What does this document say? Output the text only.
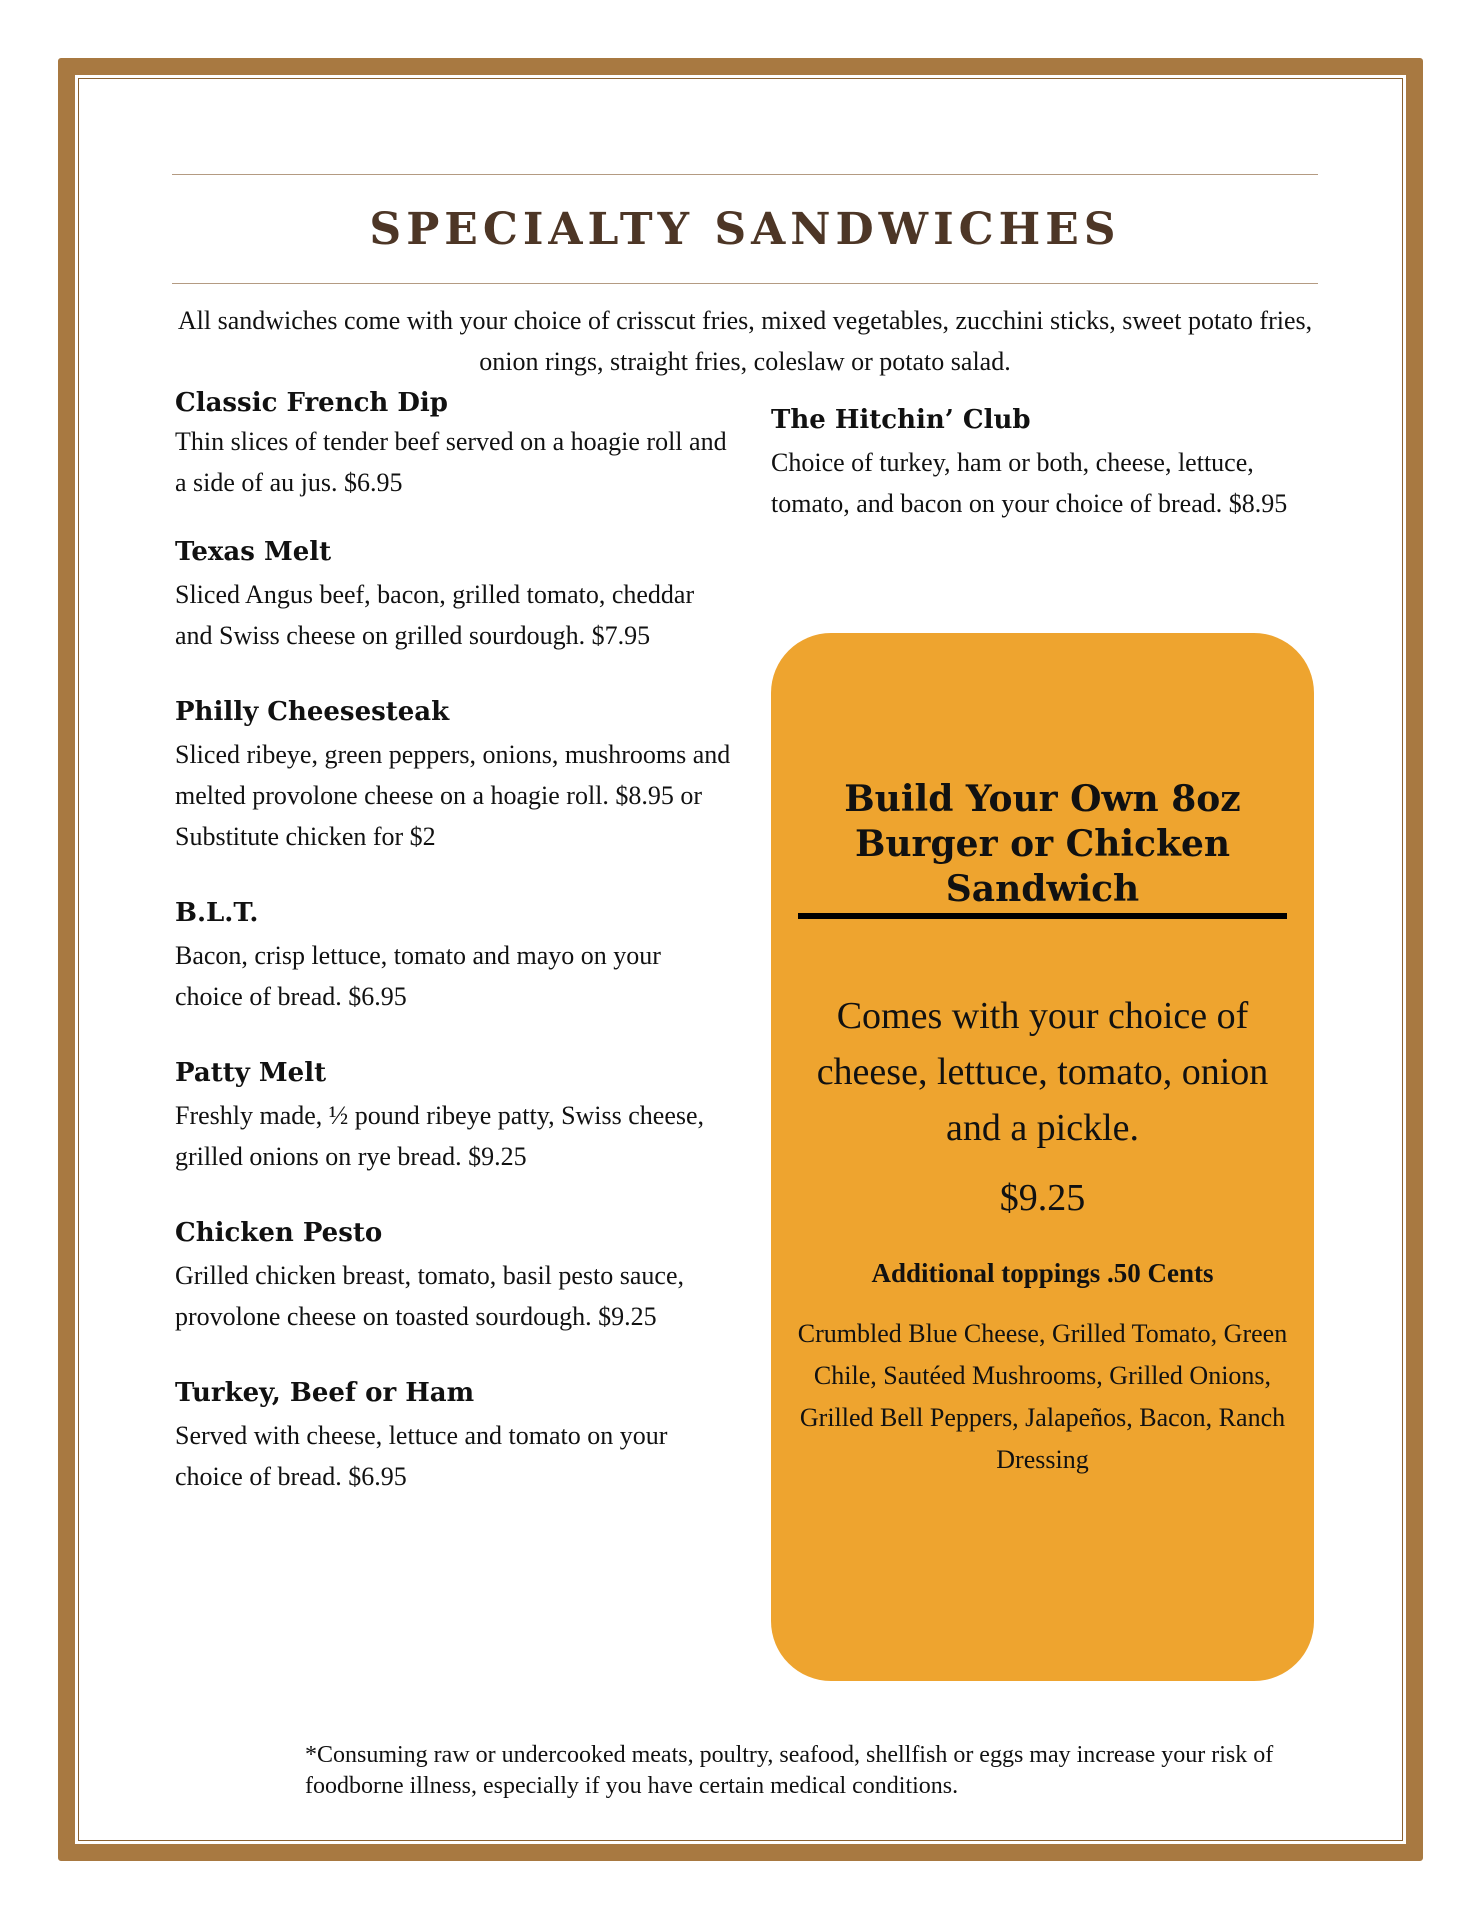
SPECIALTY SANDWICHES

All sandwiches come with your choice of crisscut fries, mixed vegetables, zucchini sticks, sweet potato fries, onion rings, straight fries, coleslaw or potato salad.

Classic French Dip

Thin slices of tender beef served on a hoagie roll and a side of au jus. $6.95

Texas Melt

Sliced Angus beef, bacon, grilled tomato, cheddar and Swiss cheese on grilled sourdough. $7.95

Philly Cheesesteak

Sliced ribeye, green peppers, onions, mushrooms and melted provolone cheese on a hoagie roll. $8.95 or Substitute chicken for $2

B.L.T.

Bacon, crisp lettuce, tomato and mayo on your choice of bread. $6.95

Patty Melt

Freshly made, ½ pound ribeye patty, Swiss cheese, grilled onions on rye bread. $9.25

Chicken Pesto

Grilled chicken breast, tomato, basil pesto sauce, provolone cheese on toasted sourdough. $9.25

Turkey, Beef or Ham

Served with cheese, lettuce and tomato on your choice of bread. $6.95

The Hitchin’ Club

Choice of turkey, ham or both, cheese, lettuce, tomato, and bacon on your choice of bread. $8.95

Build Your Own 8oz Burger or Chicken Sandwich

Comes with your choice of cheese, lettuce, tomato, onion and a pickle.

$9.25

Additional toppings .50 Cents

Crumbled Blue Cheese, Grilled Tomato, Green Chile, Sautéed Mushrooms, Grilled Onions, Grilled Bell Peppers, Jalapeños, Bacon, Ranch Dressing

*Consuming raw or undercooked meats, poultry, seafood, shellfish or eggs may increase your risk of foodborne illness, especially if you have certain medical conditions.
